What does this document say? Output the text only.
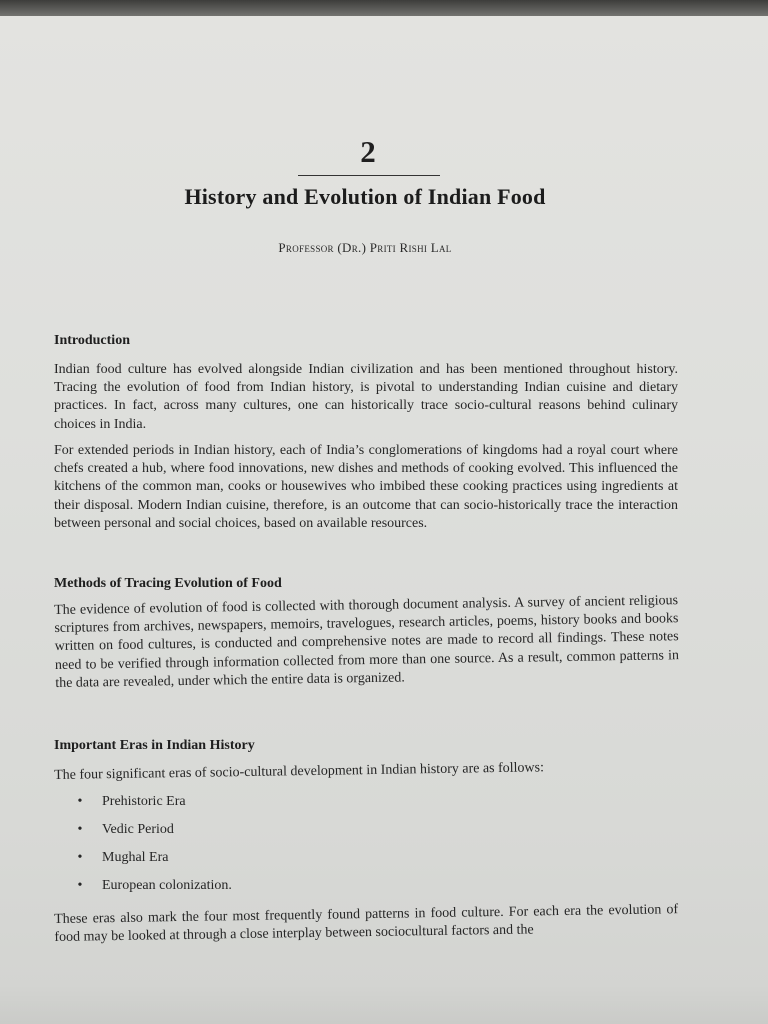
2
History and Evolution of Indian Food
Professor (Dr.) Priti Rishi Lal
Introduction

Indian food culture has evolved alongside Indian civilization and has been mentioned throughout history. Tracing the evolution of food from Indian history, is pivotal to understanding Indian cuisine and dietary practices. In fact, across many cultures, one can historically trace socio-cultural reasons behind culinary choices in India.

For extended periods in Indian history, each of India’s conglomerations of kingdoms had a royal court where chefs created a hub, where food innovations, new dishes and methods of cooking evolved. This influenced the kitchens of the common man, cooks or housewives who imbibed these cooking practices using ingredients at their disposal. Modern Indian cuisine, therefore, is an outcome that can socio-historically trace the interaction between personal and social choices, based on available resources.

Methods of Tracing Evolution of Food

The evidence of evolution of food is collected with thorough document analysis. A survey of ancient religious scriptures from archives, newspapers, memoirs, travelogues, research articles, poems, history books and books written on food cultures, is conducted and comprehensive notes are made to record all findings. These notes need to be verified through information collected from more than one source. As a result, common patterns in the data are revealed, under which the entire data is organized.

Important Eras in Indian History

The four significant eras of socio-cultural development in Indian history are as follows:

• Prehistoric Era
• Vedic Period
• Mughal Era
• European colonization.

These eras also mark the four most frequently found patterns in food culture. For each era the evolution of food may be looked at through a close interplay between sociocultural factors and the
